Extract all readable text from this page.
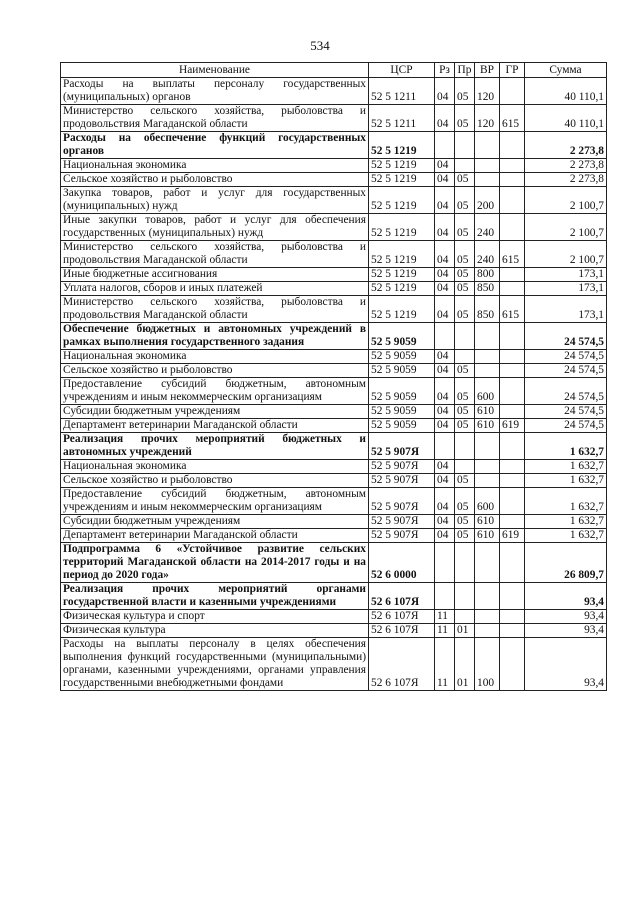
534
Наименование	ЦСР	Рз	Пр	ВР	ГР	Сумма
Расходы на выплаты персоналу государственных (муниципальных) органов	52 5 1211	04	05	120		40 110,1
Министерство сельского хозяйства, рыболовства и продовольствия Магаданской области	52 5 1211	04	05	120	615	40 110,1
Расходы на обеспечение функций государственных органов	52 5 1219					2 273,8
Национальная экономика	52 5 1219	04				2 273,8
Сельское хозяйство и рыболовство	52 5 1219	04	05			2 273,8
Закупка товаров, работ и услуг для государственных (муниципальных) нужд	52 5 1219	04	05	200		2 100,7
Иные закупки товаров, работ и услуг для обеспечения государственных (муниципальных) нужд	52 5 1219	04	05	240		2 100,7
Министерство сельского хозяйства, рыболовства и продовольствия Магаданской области	52 5 1219	04	05	240	615	2 100,7
Иные бюджетные ассигнования	52 5 1219	04	05	800		173,1
Уплата налогов, сборов и иных платежей	52 5 1219	04	05	850		173,1
Министерство сельского хозяйства, рыболовства и продовольствия Магаданской области	52 5 1219	04	05	850	615	173,1
Обеспечение бюджетных и автономных учреждений в рамках выполнения государственного задания	52 5 9059					24 574,5
Национальная экономика	52 5 9059	04				24 574,5
Сельское хозяйство и рыболовство	52 5 9059	04	05			24 574,5
Предоставление субсидий бюджетным, автономным учреждениям и иным некоммерческим организациям	52 5 9059	04	05	600		24 574,5
Субсидии бюджетным учреждениям	52 5 9059	04	05	610		24 574,5
Департамент ветеринарии Магаданской области	52 5 9059	04	05	610	619	24 574,5
Реализация прочих мероприятий бюджетных и автономных учреждений	52 5 907Я					1 632,7
Национальная экономика	52 5 907Я	04				1 632,7
Сельское хозяйство и рыболовство	52 5 907Я	04	05			1 632,7
Предоставление субсидий бюджетным, автономным учреждениям и иным некоммерческим организациям	52 5 907Я	04	05	600		1 632,7
Субсидии бюджетным учреждениям	52 5 907Я	04	05	610		1 632,7
Департамент ветеринарии Магаданской области	52 5 907Я	04	05	610	619	1 632,7
Подпрограмма 6 «Устойчивое развитие сельских территорий Магаданской области на 2014-2017 годы и на период до 2020 года»	52 6 0000					26 809,7
Реализация прочих мероприятий органами государственной власти и казенными учреждениями	52 6 107Я					93,4
Физическая культура и спорт	52 6 107Я	11				93,4
Физическая культура	52 6 107Я	11	01			93,4
Расходы на выплаты персоналу в целях обеспечения выполнения функций государственными (муниципальными) органами, казенными учреждениями, органами управления государственными внебюджетными фондами	52 6 107Я	11	01	100		93,4
